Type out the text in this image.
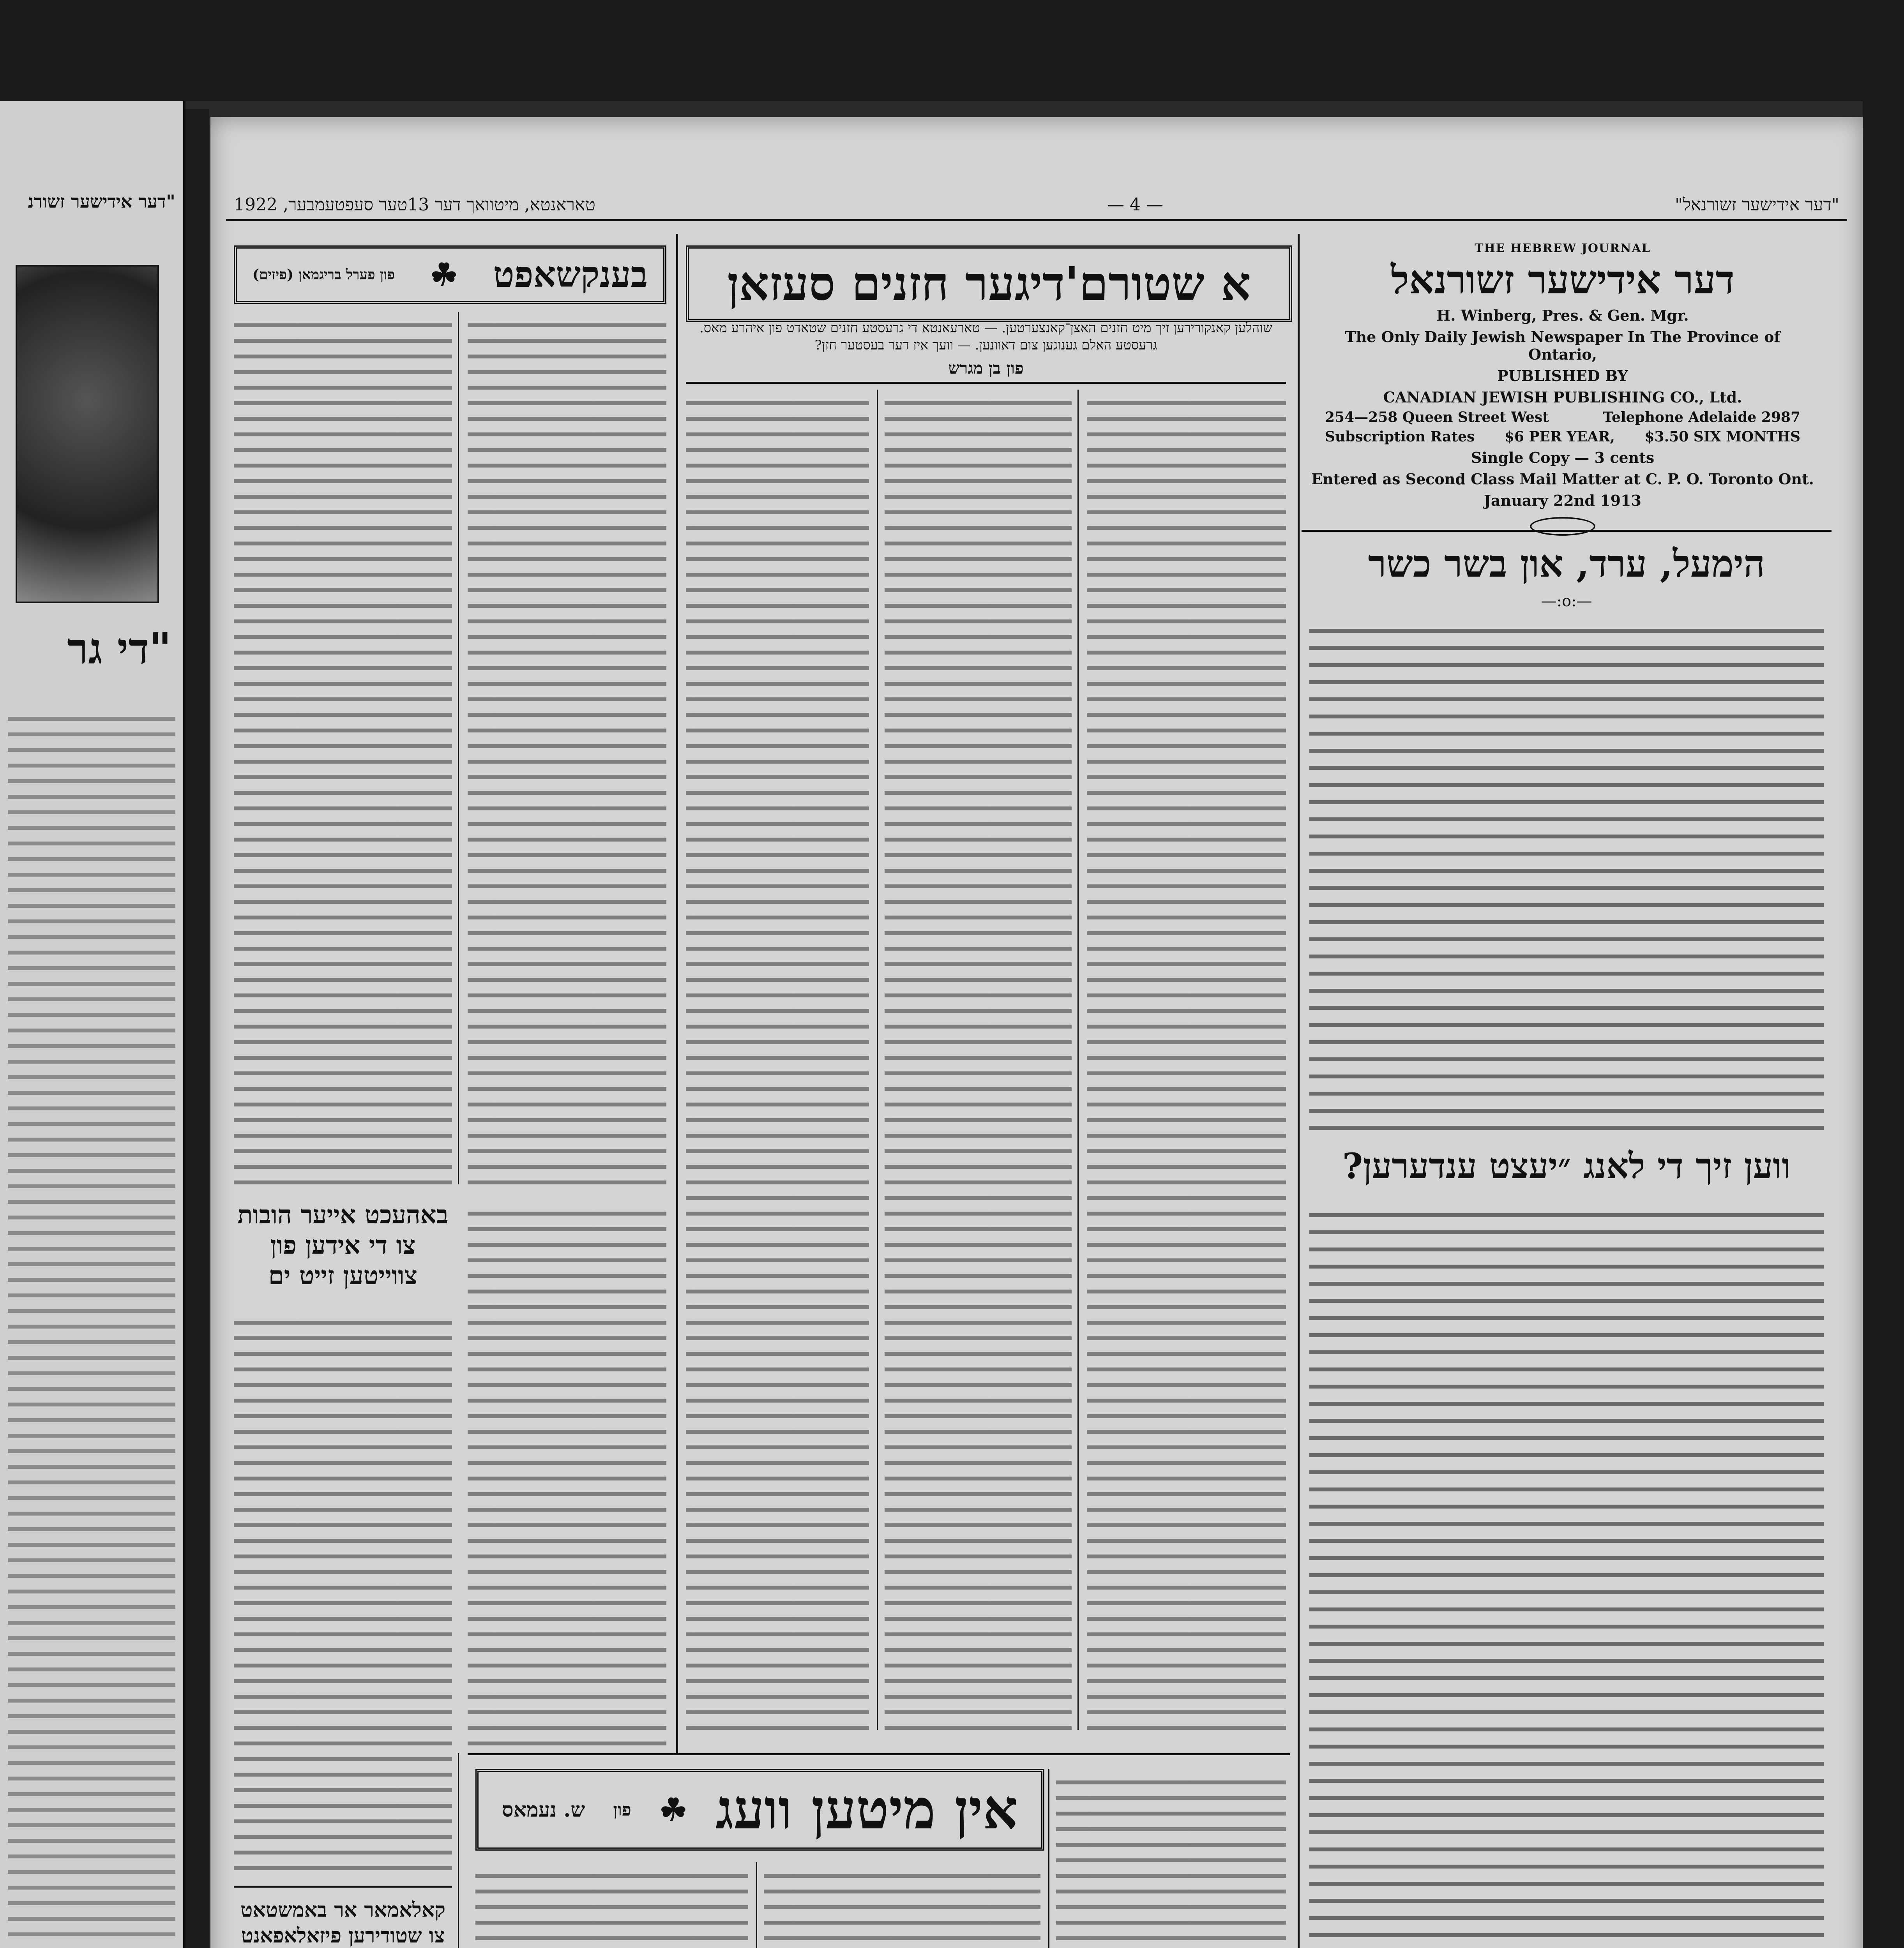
"דער אידישער זשורנ
"די גר
"דער אידישער זשורנאל"
— 4 —
טאראנטא, מיטוואך דער 13טער סעפטעמבער, 1922
THE HEBREW JOURNAL
דער אידישער זשורנאל
H. Winberg, Pres. & Gen. Mgr.
The Only Daily Jewish Newspaper In The Province of Ontario,
PUBLISHED BY
CANADIAN JEWISH PUBLISHING CO., Ltd.
254—258 Queen Street West	Telephone Adelaide 2987
Subscription Rates $6 PER YEAR, $3.50 SIX MONTHS
Single Copy — 3 cents
Entered as Second Class Mail Matter at C. P. O. Toronto Ont.
January 22nd 1913
הימעל, ערד, און בשר כשר
—:o:—
ווען זיך די לאנג ״יעצט ענדערען?
א שטורם'דיגער חזנים סעזאן
שוהלען קאנקורירען זיך מיט חזנים האצן־קאנצערטען. — טארעאנטא די גרעסטע חזנים שטאדט פון איהרע מאס. גרעסטע האלם גענוגען צום דאוונען. — וועך איז דער בעסטער חזן?
פון בן מגרש
בענקשאפט
☘
פון פערל בריגמאן (פיזים)
באהעכט אייער הובות צו די אידען פון צווייטען זייט ים
קאלאמאר אר באמשטאט צו שטודירען פיזאלאפאנט
אין מיטען וועג
☘
פון
ש. נעמאס
